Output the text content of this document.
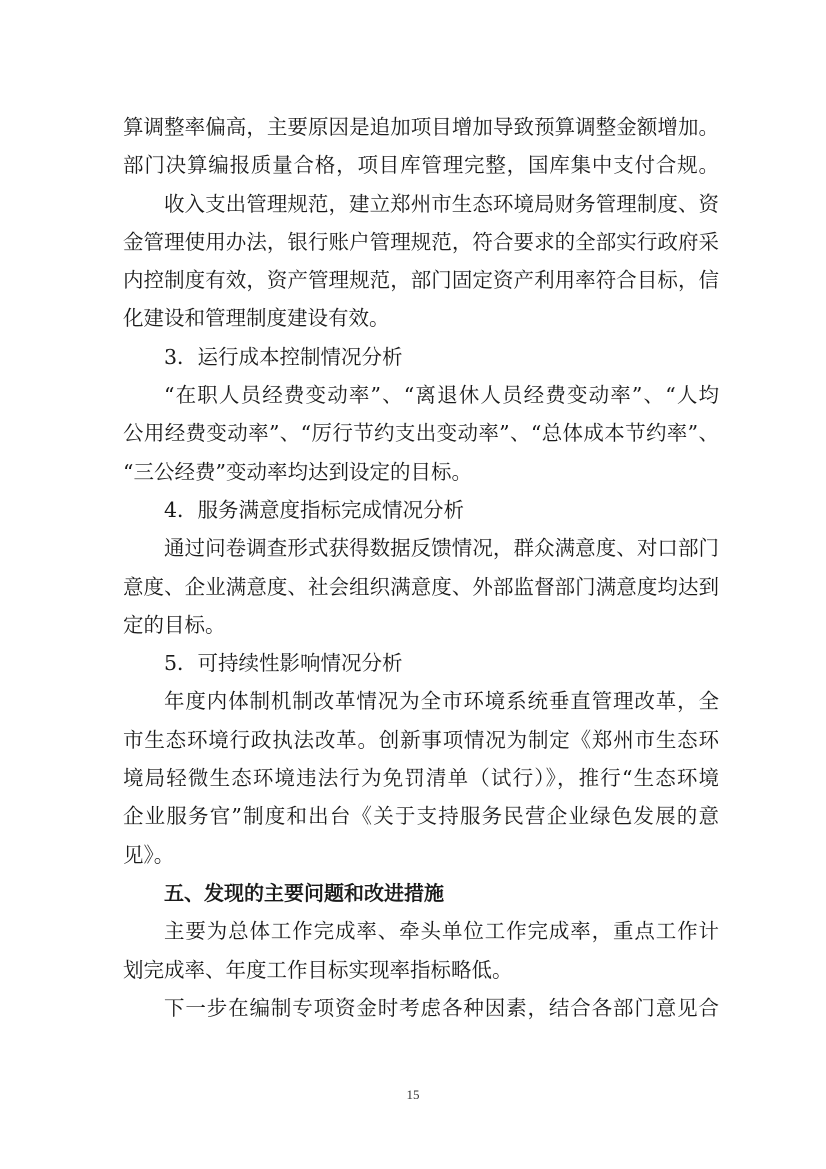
算调整率偏高，主要原因是追加项目增加导致预算调整金额增加。
部门决算编报质量合格，项目库管理完整，国库集中支付合规。
收入支出管理规范，建立郑州市生态环境局财务管理制度、资
金管理使用办法，银行账户管理规范，符合要求的全部实行政府采
内控制度有效，资产管理规范，部门固定资产利用率符合目标，信
化建设和管理制度建设有效。
3．运行成本控制情况分析
“在职人员经费变动率”、“离退休人员经费变动率”、“人均
公用经费变动率”、“厉行节约支出变动率”、“总体成本节约率”、
“三公经费”变动率均达到设定的目标。
4．服务满意度指标完成情况分析
通过问卷调查形式获得数据反馈情况，群众满意度、对口部门
意度、企业满意度、社会组织满意度、外部监督部门满意度均达到
定的目标。
5．可持续性影响情况分析
年度内体制机制改革情况为全市环境系统垂直管理改革，全
市生态环境行政执法改革。创新事项情况为制定《郑州市生态环
境局轻微生态环境违法行为免罚清单（试行）》，推行“生态环境
企业服务官”制度和出台《关于支持服务民营企业绿色发展的意
见》。
五、发现的主要问题和改进措施
主要为总体工作完成率、牵头单位工作完成率，重点工作计
划完成率、年度工作目标实现率指标略低。
下一步在编制专项资金时考虑各种因素，结合各部门意见合
15
